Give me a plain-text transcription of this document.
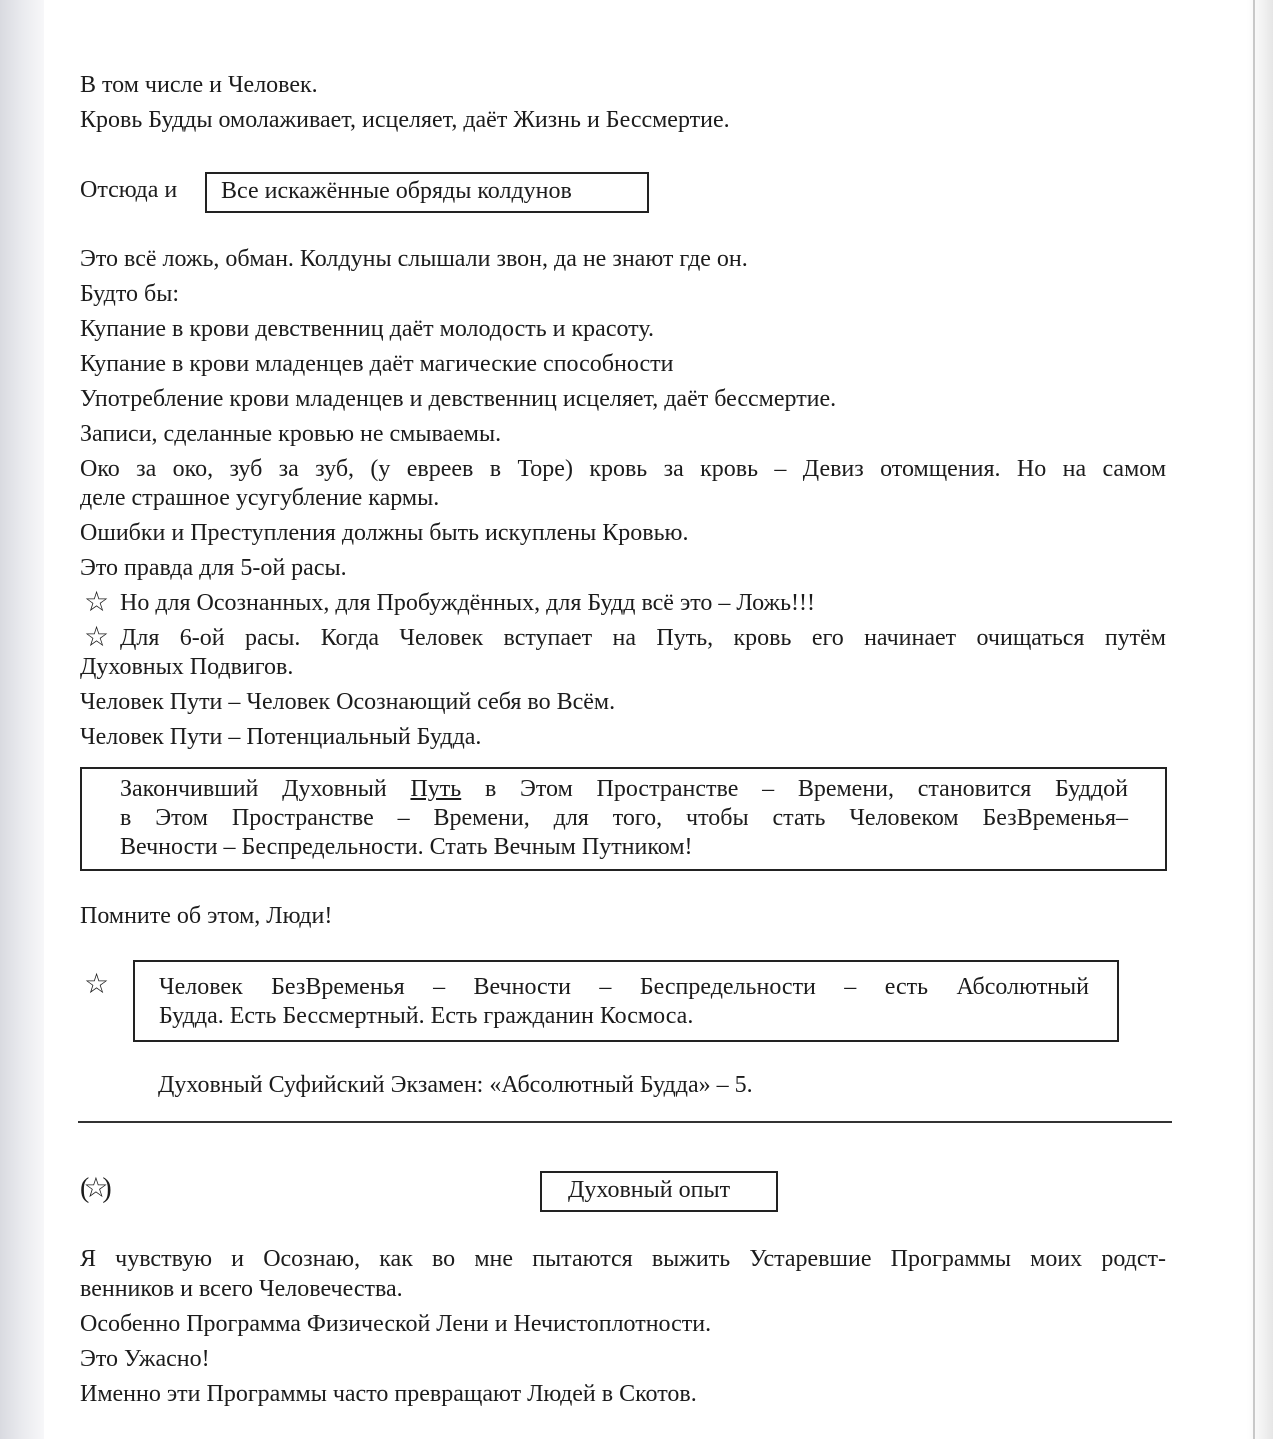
В том числе и Человек.

Кровь Будды омолаживает, исцеляет, даёт Жизнь и Бессмертие.

Отсюда и Все искажённые обряды колдунов

Это всё ложь, обман. Колдуны слышали звон, да не знают где он.

Будто бы:

Купание в крови девственниц даёт молодость и красоту.

Купание в крови младенцев даёт магические способности

Употребление крови младенцев и девственниц исцеляет, даёт бессмертие.

Записи, сделанные кровью не смываемы.

Око за око, зуб за зуб, (у евреев в Торе) кровь за кровь – Девиз отомщения. Но на самом

деле страшное усугубление кармы.

Ошибки и Преступления должны быть искуплены Кровью.

Это правда для 5-ой расы.

☆ Но для Осознанных, для Пробуждённых, для Будд всё это – Ложь!!!

☆ Для 6-ой расы. Когда Человек вступает на Путь, кровь его начинает очищаться путём

Духовных Подвигов.

Человек Пути – Человек Осознающий себя во Всём.

Человек Пути – Потенциальный Будда.

Закончивший Духовный Путь в Этом Пространстве – Времени, становится Буддой

в Этом Пространстве – Времени, для того, чтобы стать Человеком БезВременья–

Вечности – Беспредельности. Стать Вечным Путником!

Помните об этом, Люди!

☆ Человек БезВременья – Вечности – Беспредельности – есть Абсолютный

Будда. Есть Бессмертный. Есть гражданин Космоса.

Духовный Суфийский Экзамен: «Абсолютный Будда» – 5.

(☆)	Духовный опыт

Я чувствую и Осознаю, как во мне пытаются выжить Устаревшие Программы моих родст-

венников и всего Человечества.

Особенно Программа Физической Лени и Нечистоплотности.

Это Ужасно!

Именно эти Программы часто превращают Людей в Скотов.
